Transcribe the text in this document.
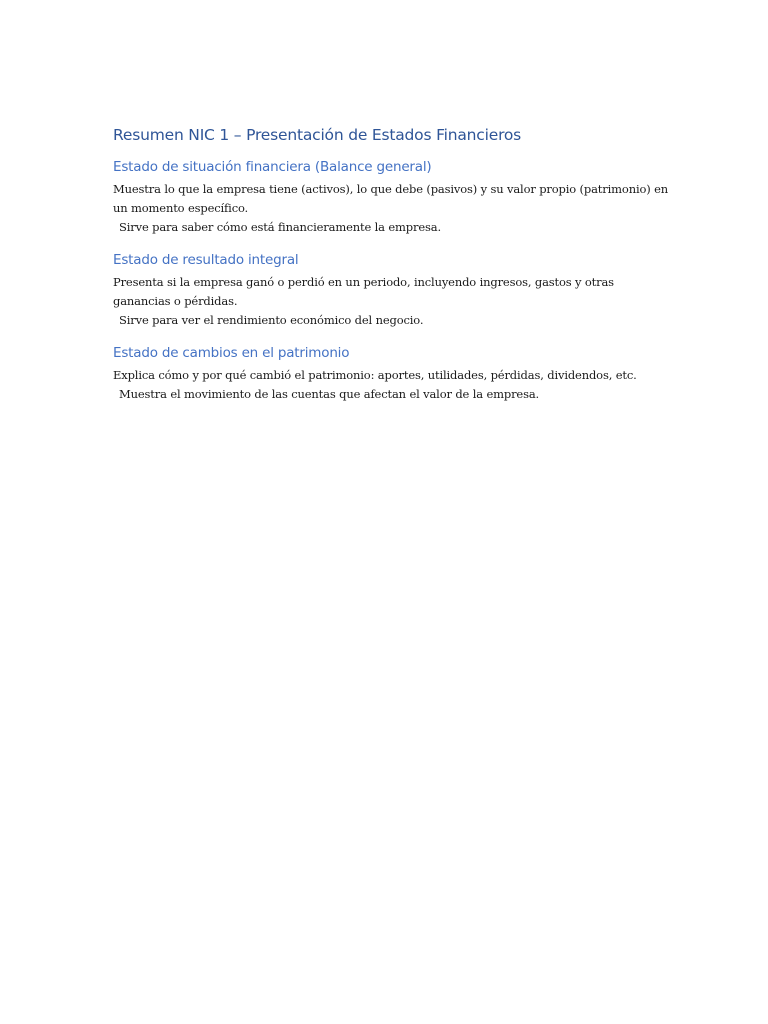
Resumen NIC 1 – Presentación de Estados Financieros
Estado de situación financiera (Balance general)

Muestra lo que la empresa tiene (activos), lo que debe (pasivos) y su valor propio (patrimonio) en un momento específico.

Sirve para saber cómo está financieramente la empresa.

Estado de resultado integral

Presenta si la empresa ganó o perdió en un periodo, incluyendo ingresos, gastos y otras ganancias o pérdidas.

Sirve para ver el rendimiento económico del negocio.

Estado de cambios en el patrimonio

Explica cómo y por qué cambió el patrimonio: aportes, utilidades, pérdidas, dividendos, etc.

Muestra el movimiento de las cuentas que afectan el valor de la empresa.
